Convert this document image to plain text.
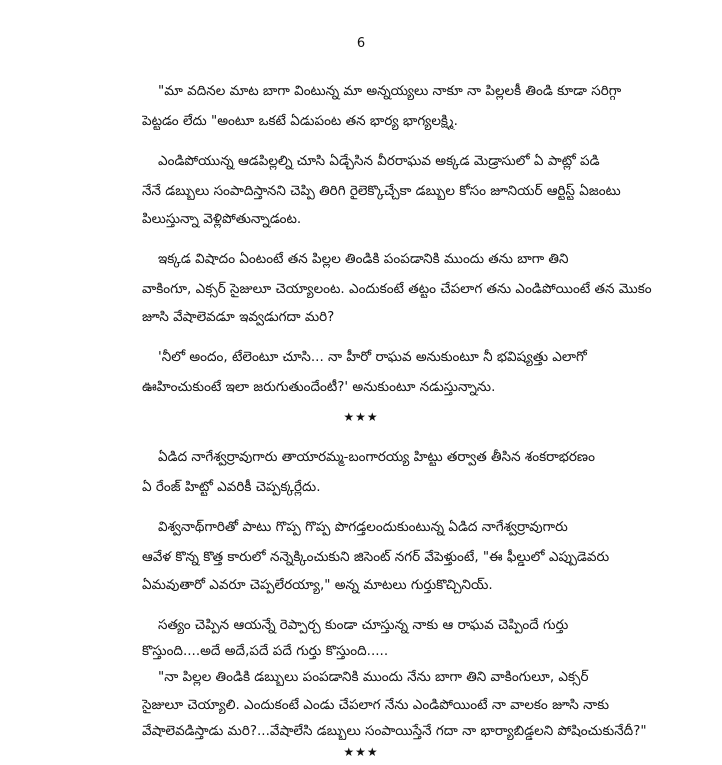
6
"మా వదినల మాట బాగా వింటున్న మా అన్నయ్యలు నాకూ నా పిల్లలకీ తిండి కూడా సరిగ్గా
పెట్టడం లేదు "అంటూ ఒకటే ఏడుపంట తన భార్య భాగ్యలక్ష్మి.
ఎండిపోయున్న ఆడపిల్లల్ని చూసి ఏడ్చేసిన వీరరాఘవ అక్కడ మెడ్రాసులో ఏ పాట్లో పడి
నేనే డబ్బులు సంపాదిస్తానని చెప్పి తిరిగి రైలెక్కొచ్చేకా డబ్బుల కోసం జూనియర్ ఆర్టిస్ట్ ఏజంటు
పిలుస్తున్నా వెళ్లిపోతున్నాడంట.
ఇక్కడ విషాదం ఏంటంటే తన పిల్లల తిండికి పంపడానికి ముందు తను బాగా తిని
వాకింగూ, ఎక్సర్ సైజులూ చెయ్యాలంట. ఎందుకంటే తట్టం చేపలాగ తను ఎండిపోయింటే తన మొకం
జూసి వేషాలెవడూ ఇవ్వడుగదా మరి?
'నీలో అందం, టేలెంటూ చూసి... నా హీరో రాఘవ అనుకుంటూ నీ భవిష్యత్తు ఎలాగో
ఊహించుకుంటే ఇలా జరుగుతుందేంటీ?' అనుకుంటూ నడుస్తున్నాను.
★★★
ఏడిద నాగేశ్వర్రావుగారు తాయారమ్మ-బంగారయ్య హిట్టు తర్వాత తీసిన శంకరాభరణం
ఏ రేంజ్ హిట్టో ఎవరికీ చెప్పక్కర్లేదు.
విశ్వనాథ్‌గారితో పాటు గొప్ప గొప్ప పొగడ్తలందుకుంటున్న ఏడిద నాగేశ్వర్రావుగారు
ఆవేళ కొన్న కొత్త కారులో నన్నెక్కించుకుని జిసెంట్ నగర్ వేపెళ్తుంటే, "ఈ ఫీల్డులో ఎప్పుడెవరు
ఏమవుతారో ఎవరూ చెప్పలేరయ్యా," అన్న మాటలు గుర్తుకొచ్చినియ్.
సత్యం చెప్పిన ఆయన్నే రెప్పార్చ కుండా చూస్తున్న నాకు ఆ రాఘవ చెప్పిందే గుర్తు
కొస్తుంది....అదే అదే,పదే పదే గుర్తు కొస్తుంది.....
"నా పిల్లల తిండికి డబ్బులు పంపడానికి ముందు నేను బాగా తిని వాకింగులూ, ఎక్సర్
సైజులూ చెయ్యాలి. ఎందుకంటే ఎండు చేపలాగ నేను ఎండిపోయింటే నా వాలకం జూసి నాకు
వేషాలెవడిస్తాడు మరి?...వేషాలేసి డబ్బులు సంపాయిస్తేనే గదా నా భార్యాబిడ్డలని పోషించుకునేదీ?"
★★★
